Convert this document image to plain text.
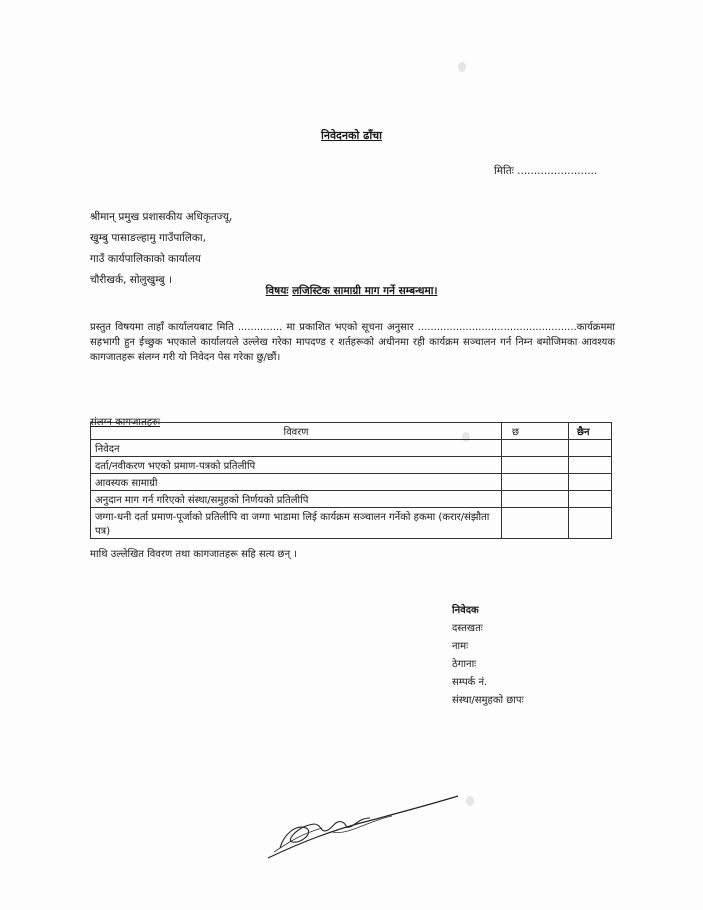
निवेदनको ढाँचा
मितिः ........................
श्रीमान् प्रमुख प्रशासकीय अधिकृतज्यू,
खुम्बु पासाङल्हामु गाउँपालिका,
गाउँ कार्यपालिकाको कार्यालय
चौरीखर्क, सोलुखुम्बु ।
विषयः लजिस्टिक सामाग्री माग गर्ने सम्बन्धमा।
प्रस्तुत विषयमा ताहाँ कार्यालयबाट मिति .............. मा प्रकाशित भएको सूचना अनुसार ..................................................कार्यक्रममा सहभागी हुन ईच्छुक भएकाले कार्यालयले उल्लेख गरेका मापदण्ड र शर्तहरूको अधीनमा रही कार्यक्रम सञ्चालन गर्न निम्न बमोजिमका आवश्यक कागजातहरू संलग्न गरी यो निवेदन पेस गरेका छु/छौं।
संलग्न कागजातहरुः
विवरण	छ	छैन
निवेदन		
दर्ता/नवीकरण भएको प्रमाण-पत्रको प्रतिलीपि		
आवस्यक सामाग्री		
अनुदान माग गर्न गरिएको संस्था/समुहको निर्णयको प्रतिलीपि		
जग्गा-धनी दर्ता प्रमाण-पूर्जाको प्रतिलीपि वा जग्गा भाडामा लिई कार्यक्रम सञ्चालन गर्नेको हकमा (करार/संझौता पत्र)		
माथि उल्लेखित विवरण तथा कागजातहरू सहि सत्य छन् ।
निवेदक
दस्तखतः
नामः
ठेगानाः
सम्पर्क नं.
संस्था/समुहको छापः
